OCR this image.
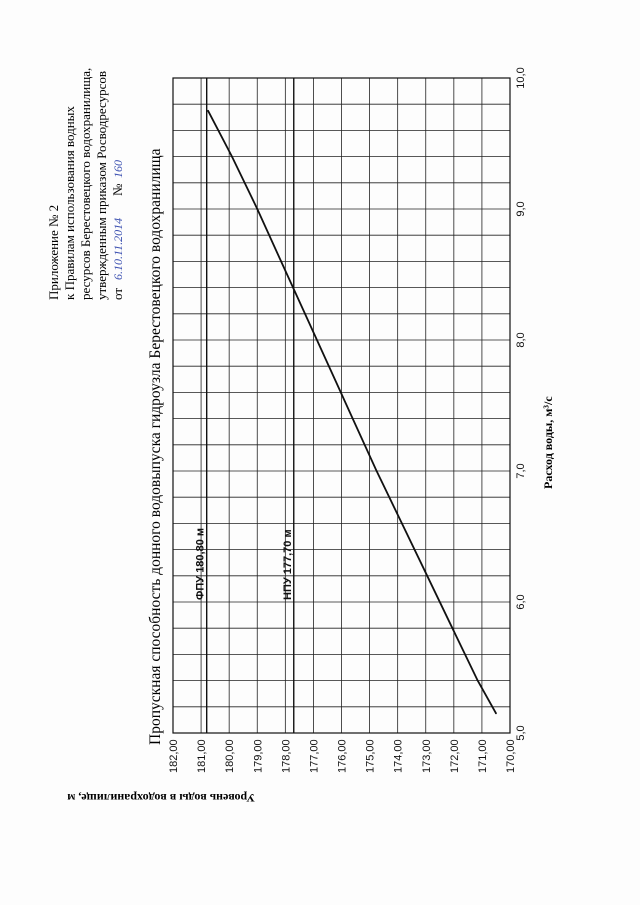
Приложение № 2 к Правилам использования водных ресурсов Берестовецкого водохранилища, утвержденным приказом Росводресурсов от
6.10.11.2014
№
160 Пропускная способность донного водовыпуска гидроузла Берестовецкого водохранилища	ФПУ 180,80 м	НПУ 177,70 м
182,00 181,00 180,00 179,00 178,00 177,00 176,00 175,00 174,00 173,00 172,00 171,00 170,00
5,0
6,0
7,0
8,0
9,0
10,0
Расход воды, м³/с
Уровень воды в водохранилище, м
